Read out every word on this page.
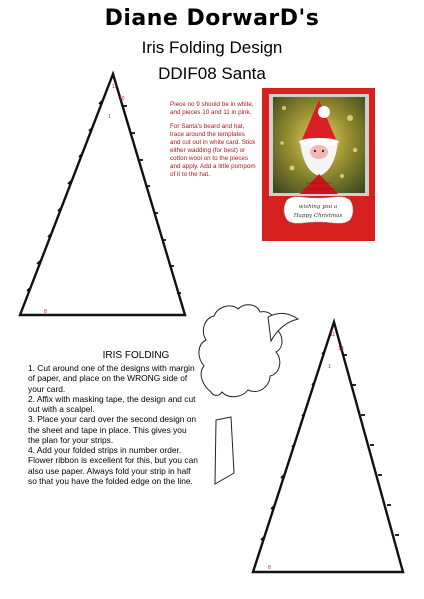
Diane DorwarD's
Iris Folding Design
DDIF08 Santa
11
10
1
8

Piece no 9 should be in white, and pieces 10 and 11 in pink.

For Santa's beard and hat, trace around the templates and cut out in white card. Stick either wadding (for best) or cotton wool on to the pieces and apply. Add a little pompom of it to the hat.

wishing you a
Happy Christmas
11
10
1
8
IRIS FOLDING
1. Cut around one of the designs with margin of paper, and place on the WRONG side of your card.
2. Affix with masking tape, the design and cut out with a scalpel.
3. Place your card over the second design on the sheet and tape in place. This gives you the plan for your strips.
4. Add your folded strips in number order. Flower ribbon is excellent for this, but you can also use paper. Always fold your strip in half so that you have the folded edge on the line.
